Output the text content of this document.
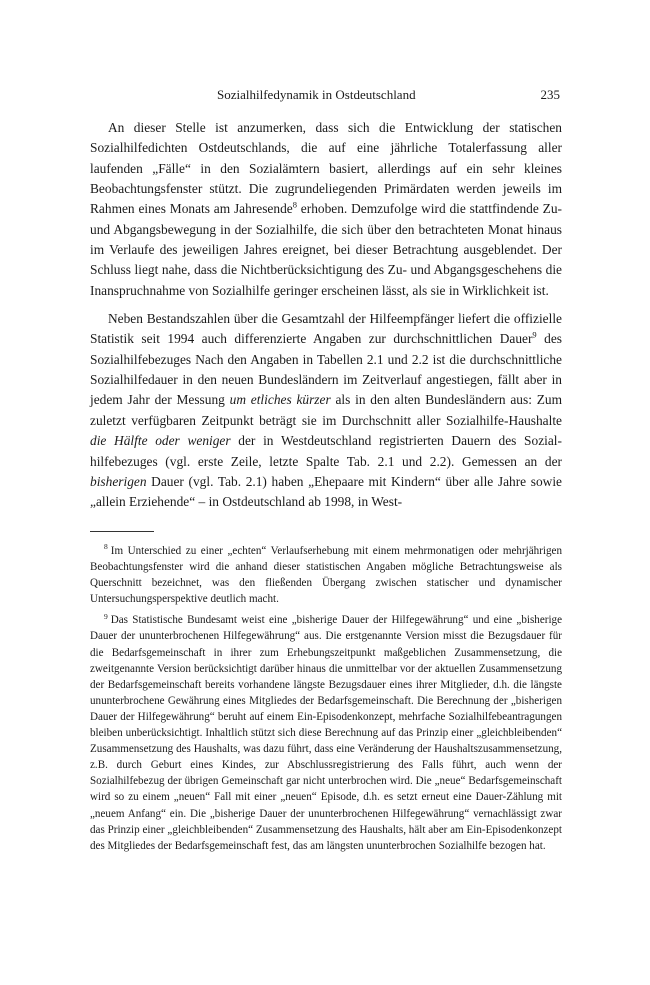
Sozialhilfedynamik in Ostdeutschland	235

An dieser Stelle ist anzumerken, dass sich die Entwicklung der statischen Sozialhilfedichten Ostdeutschlands, die auf eine jährliche Totalerfassung aller laufenden „Fälle“ in den Sozialämtern basiert, allerdings auf ein sehr kleines Beobachtungsfenster stützt. Die zugrundeliegenden Primärdaten werden jeweils im Rahmen eines Monats am Jahresende$^8$ erhoben. Demzufolge wird die stattfindende Zu- und Abgangsbewegung in der Sozialhilfe, die sich über den betrachteten Monat hinaus im Verlaufe des jeweiligen Jahres ereignet, bei dieser Betrachtung ausgeblendet. Der Schluss liegt nahe, dass die Nichtberücksichtigung des Zu- und Abgangsgeschehens die Inanspruchnahme von Sozialhilfe geringer erscheinen lässt, als sie in Wirklichkeit ist.

Neben Bestandszahlen über die Gesamtzahl der Hilfeempfänger liefert die offizielle Statistik seit 1994 auch differenzierte Angaben zur durchschnittlichen Dauer$^9$ des Sozialhilfebezuges Nach den Angaben in Tabellen 2.1 und 2.2 ist die durchschnittliche Sozialhilfedauer in den neuen Bundesländern im Zeitverlauf angestiegen, fällt aber in jedem Jahr der Messung um etliches kürzer als in den alten Bundesländern aus: Zum zuletzt verfügbaren Zeitpunkt beträgt sie im Durchschnitt aller Sozialhilfe-Haushalte die Hälfte oder weniger der in Westdeutschland registrierten Dauern des Sozialhilfebezuges (vgl. erste Zeile, letzte Spalte Tab. 2.1 und 2.2). Gemessen an der bisherigen Dauer (vgl. Tab. 2.1) haben „Ehepaare mit Kindern“ über alle Jahre sowie „allein Erziehende“ – in Ostdeutschland ab 1998, in West-

$^8$ Im Unterschied zu einer „echten“ Verlaufserhebung mit einem mehrmonatigen oder mehrjährigen Beobachtungsfenster wird die anhand dieser statistischen Angaben mögliche Betrachtungsweise als Querschnitt bezeichnet, was den fließenden Übergang zwischen statischer und dynamischer Untersuchungsperspektive deutlich macht.

$^9$ Das Statistische Bundesamt weist eine „bisherige Dauer der Hilfegewährung“ und eine „bisherige Dauer der ununterbrochenen Hilfegewährung“ aus. Die erstgenannte Version misst die Bezugsdauer für die Bedarfsgemeinschaft in ihrer zum Erhebungszeitpunkt maßgeblichen Zusammensetzung, die zweitgenannte Version berücksichtigt darüber hinaus die unmittelbar vor der aktuellen Zusammensetzung der Bedarfsgemeinschaft bereits vorhandene längste Bezugsdauer eines ihrer Mitglieder, d.h. die längste ununterbrochene Gewährung eines Mitgliedes der Bedarfsgemeinschaft. Die Berechnung der „bisherigen Dauer der Hilfegewährung“ beruht auf einem Ein-Episodenkonzept, mehrfache Sozialhilfebeantragungen bleiben unberücksichtigt. Inhaltlich stützt sich diese Berechnung auf das Prinzip einer „gleichbleibenden“ Zusammensetzung des Haushalts, was dazu führt, dass eine Veränderung der Haushaltszusammensetzung, z.B. durch Geburt eines Kindes, zur Abschlussregistrierung des Falls führt, auch wenn der Sozialhilfebezug der übrigen Gemeinschaft gar nicht unterbrochen wird. Die „neue“ Bedarfsgemeinschaft wird so zu einem „neuen“ Fall mit einer „neuen“ Episode, d.h. es setzt erneut eine Dauer-Zählung mit „neuem Anfang“ ein. Die „bisherige Dauer der ununterbrochenen Hilfegewährung“ vernachlässigt zwar das Prinzip einer „gleichbleibenden“ Zusammensetzung des Haushalts, hält aber am Ein-Episodenkonzept des Mitgliedes der Bedarfsgemeinschaft fest, das am längsten ununterbrochen Sozialhilfe bezogen hat.
